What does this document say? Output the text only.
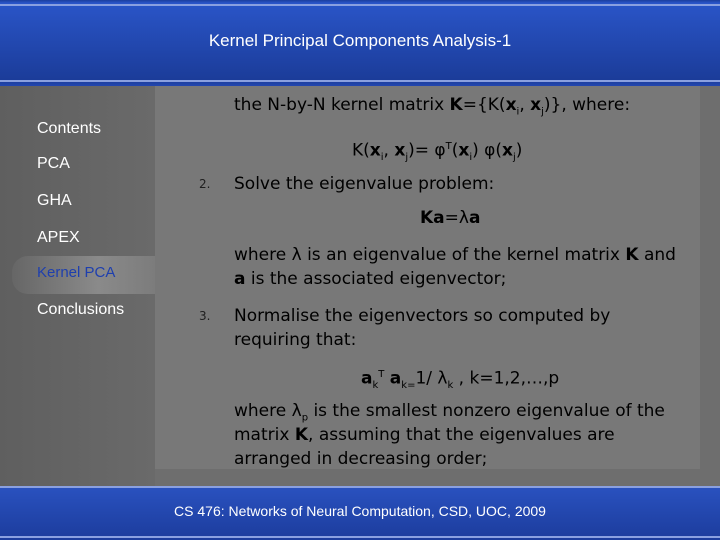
Kernel Principal Components Analysis-1
Contents
PCA
GHA
APEX
Kernel PCA
Conclusions
the N-by-N kernel matrix $K=\{K(x_i$, $x_j$)}, where:
$K(x_i$, $x_j)= \varphi^T(x_i)$ $\varphi(x_j)$
2. Solve the eigenvalue problem:
Ka=λa
where λ is an eigenvalue of the kernel matrix K and
a is the associated eigenvector;
3. Normalise the eigenvectors so computed by
requiring that:
$a_k^T$ $a_{k=}1/$ $\lambda_k$ , k=1,2,…,p
where $\lambda_p$ is the smallest nonzero eigenvalue of the
matrix K, assuming that the eigenvalues are
arranged in decreasing order;
CS 476: Networks of Neural Computation, CSD, UOC, 2009
